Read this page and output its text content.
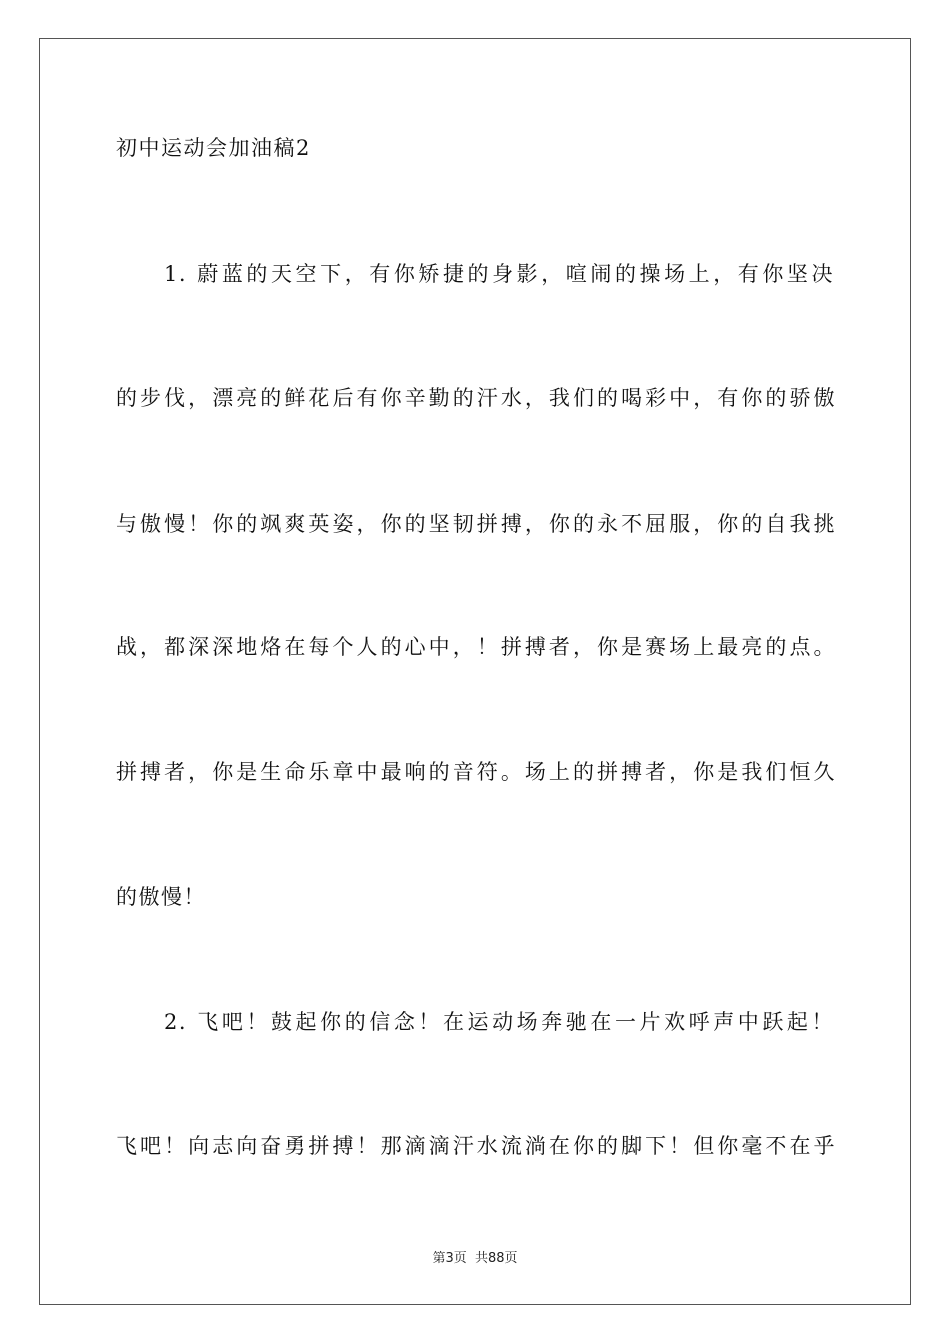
初中运动会加油稿2
1. 蔚蓝的天空下，有你矫捷的身影，喧闹的操场上，有你坚决
的步伐，漂亮的鲜花后有你辛勤的汗水，我们的喝彩中，有你的骄傲
与傲慢！你的飒爽英姿，你的坚韧拼搏，你的永不屈服，你的自我挑
战，都深深地烙在每个人的心中，！拼搏者，你是赛场上最亮的点。
拼搏者，你是生命乐章中最响的音符。场上的拼搏者，你是我们恒久
的傲慢！
2. 飞吧！鼓起你的信念！在运动场奔驰在一片欢呼声中跃起！
飞吧！向志向奋勇拼搏！那滴滴汗水流淌在你的脚下！但你毫不在乎
第3页 共88页
